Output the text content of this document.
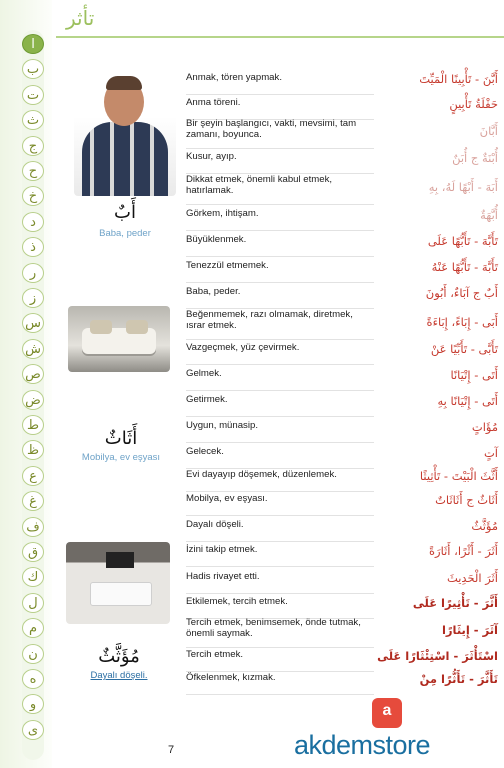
ا
ب
ت
ث
ج
ح
خ
د
ذ
ر
ز
س
ش
ص
ض
ط
ظ
ع
غ
ف
ق
ك
ل
م
ن
ه
و
ى
تأثر
أَبٌ
Baba, peder
أَثَاثٌ
Mobilya, ev eşyası
مُؤَثَّثٌ
Dayalı döşeli.
Anmak, tören yapmak.	أَبَّنَ - تَأْبِينًا الْمَيِّتَ
Anma töreni.	حَفْلَةُ تَأْبِينٍ
Bir şeyin başlangıcı, vakti, mevsimi, tam zamanı, boyunca.	أَبَّانَ
Kusur, ayıp.	أُبْنَةٌ ج أُبَنٌ
Dikkat etmek, önemli kabul etmek, hatırlamak.	أَبَهَ - أَبْهًا لَهُ، بِهِ
Görkem, ihtişam.	أُبَّهَةٌ
Büyüklenmek.	تَأَبَّهَ - تَأَبُّهًا عَلَى
Tenezzül etmemek.	تَأَبَّهَ - تَأَبُّهًا عَنْهُ
Baba, peder.	أَبٌ ج آبَاءٌ، أَبُونَ
Beğenmemek, razı olmamak, diretmek, ısrar etmek.	أَبَى - إِبَاءً، إِبَاءَةً
Vazgeçmek, yüz çevirmek.	تَأَبَّى - تَأَبِّيًا عَنْ
Gelmek.	أَتَى - إِتْيَانًا
Getirmek.	أَتَى - إِتْيَانًا بِهِ
Uygun, münasip.	مُؤَاتٍ
Gelecek.	آتٍ
Evi dayayıp döşemek, düzenlemek.	أَثَّثَ الْبَيْتَ - تَأْثِيثًا
Mobilya, ev eşyası.	أَثَاثٌ ج أَثَاثَاتٌ
Dayalı döşeli.	مُؤَثَّثٌ
İzini takip etmek.	أَثَرَ - أَثْرًا، أَثَارَةً
Hadis rivayet etti.	أَثَرَ الْحَدِيثَ
Etkilemek, tercih etmek.	أَثَّرَ - تَأْثِيرًا عَلَى
Tercih etmek, benimsemek, önde tutmak, önemli saymak.	آثَرَ - إِيثَارًا
Tercih etmek.	اسْتَأْثَرَ - اسْتِئْثَارًا عَلَى
Öfkelenmek, kızmak.	تَأَثَّرَ - تَأَثُّرًا مِنْ
7
a
akdemstore
